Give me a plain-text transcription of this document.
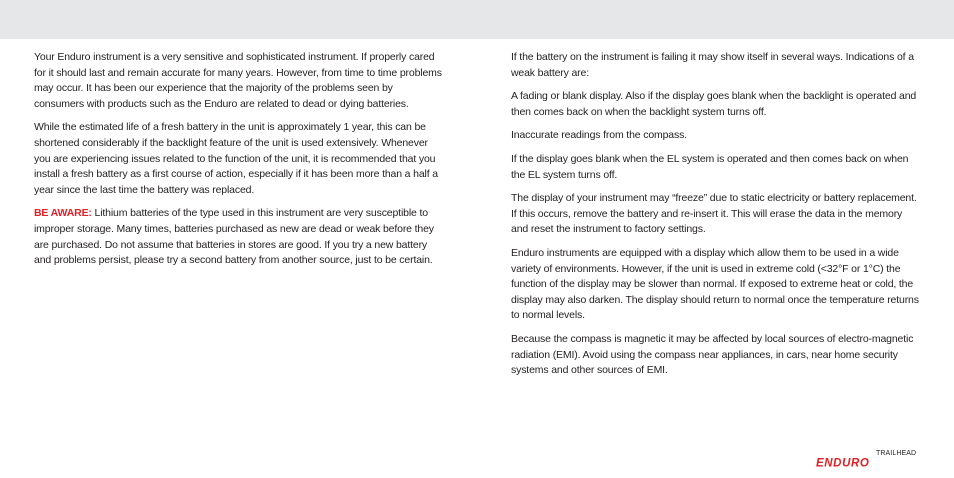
Your Enduro instrument is a very sensitive and sophisticated instrument. If properly cared for it should last and remain accurate for many years. However, from time to time problems may occur. It has been our experience that the majority of the problems seen by consumers with products such as the Enduro are related to dead or dying batteries.

While the estimated life of a fresh battery in the unit is approximately 1 year, this can be shortened considerably if the backlight feature of the unit is used extensively. Whenever you are experiencing issues related to the function of the unit, it is recommended that you install a fresh battery as a first course of action, especially if it has been more than a half a year since the last time the battery was replaced.

BE AWARE: Lithium batteries of the type used in this instrument are very susceptible to improper storage. Many times, batteries purchased as new are dead or weak before they are purchased. Do not assume that batteries in stores are good. If you try a new battery and problems persist, please try a second battery from another source, just to be certain.

If the battery on the instrument is failing it may show itself in several ways. Indications of a weak battery are:

A fading or blank display. Also if the display goes blank when the backlight is operated and then comes back on when the backlight system turns off.

Inaccurate readings from the compass.

If the display goes blank when the EL system is operated and then comes back on when the EL system turns off.

The display of your instrument may “freeze” due to static electricity or battery replacement. If this occurs, remove the battery and re-insert it. This will erase the data in the memory and reset the instrument to factory settings.

Enduro instruments are equipped with a display which allow them to be used in a wide variety of environments. However, if the unit is used in extreme cold (<32°F or 1°C) the function of the display may be slower than normal. If exposed to extreme heat or cold, the display may also darken. The display should return to normal once the temperature returns to normal levels.

Because the compass is magnetic it may be affected by local sources of electro-magnetic radiation (EMI). Avoid using the compass near appliances, in cars, near home security systems and other sources of EMI.

TRAILHEAD
ENDURO
